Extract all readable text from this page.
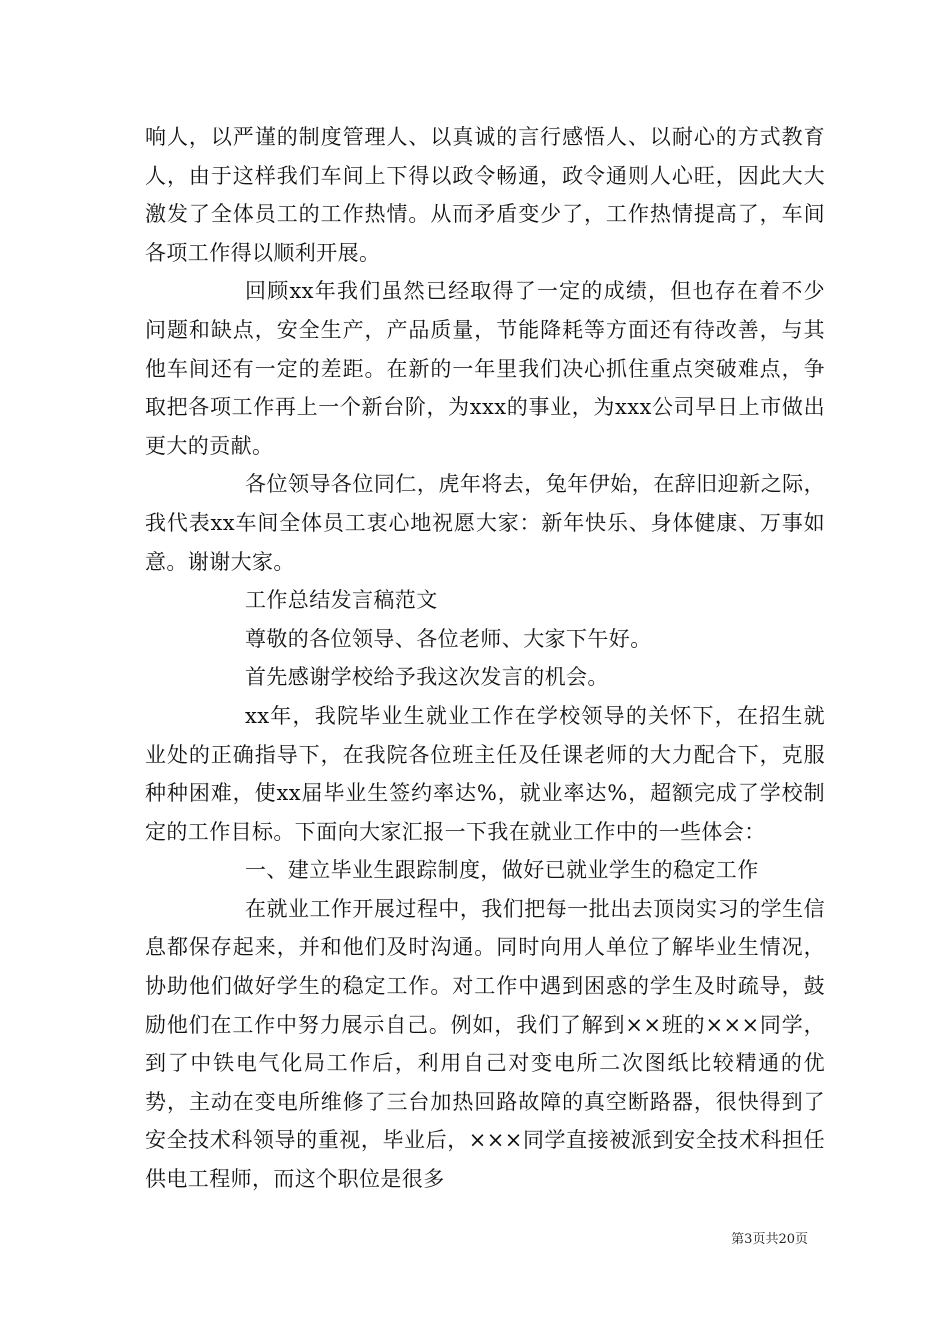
响人，以严谨的制度管理人、以真诚的言行感悟人、以耐心的方式教育人，由于这样我们车间上下得以政令畅通，政令通则人心旺，因此大大激发了全体员工的工作热情。从而矛盾变少了，工作热情提高了，车间各项工作得以顺利开展。

回顾xx年我们虽然已经取得了一定的成绩，但也存在着不少问题和缺点，安全生产，产品质量，节能降耗等方面还有待改善，与其他车间还有一定的差距。在新的一年里我们决心抓住重点突破难点，争取把各项工作再上一个新台阶，为xxx的事业，为xxx公司早日上市做出更大的贡献。

各位领导各位同仁，虎年将去，兔年伊始，在辞旧迎新之际，我代表xx车间全体员工衷心地祝愿大家：新年快乐、身体健康、万事如意。谢谢大家。

工作总结发言稿范文

尊敬的各位领导、各位老师、大家下午好。

首先感谢学校给予我这次发言的机会。

xx年，我院毕业生就业工作在学校领导的关怀下，在招生就业处的正确指导下，在我院各位班主任及任课老师的大力配合下，克服种种困难，使xx届毕业生签约率达%，就业率达%，超额完成了学校制定的工作目标。下面向大家汇报一下我在就业工作中的一些体会：

一、建立毕业生跟踪制度，做好已就业学生的稳定工作

在就业工作开展过程中，我们把每一批出去顶岗实习的学生信息都保存起来，并和他们及时沟通。同时向用人单位了解毕业生情况，协助他们做好学生的稳定工作。对工作中遇到困惑的学生及时疏导，鼓励他们在工作中努力展示自己。例如，我们了解到××班的×××同学，到了中铁电气化局工作后，利用自己对变电所二次图纸比较精通的优势，主动在变电所维修了三台加热回路故障的真空断路器，很快得到了安全技术科领导的重视，毕业后，×××同学直接被派到安全技术科担任供电工程师，而这个职位是很多

第3页共20页
